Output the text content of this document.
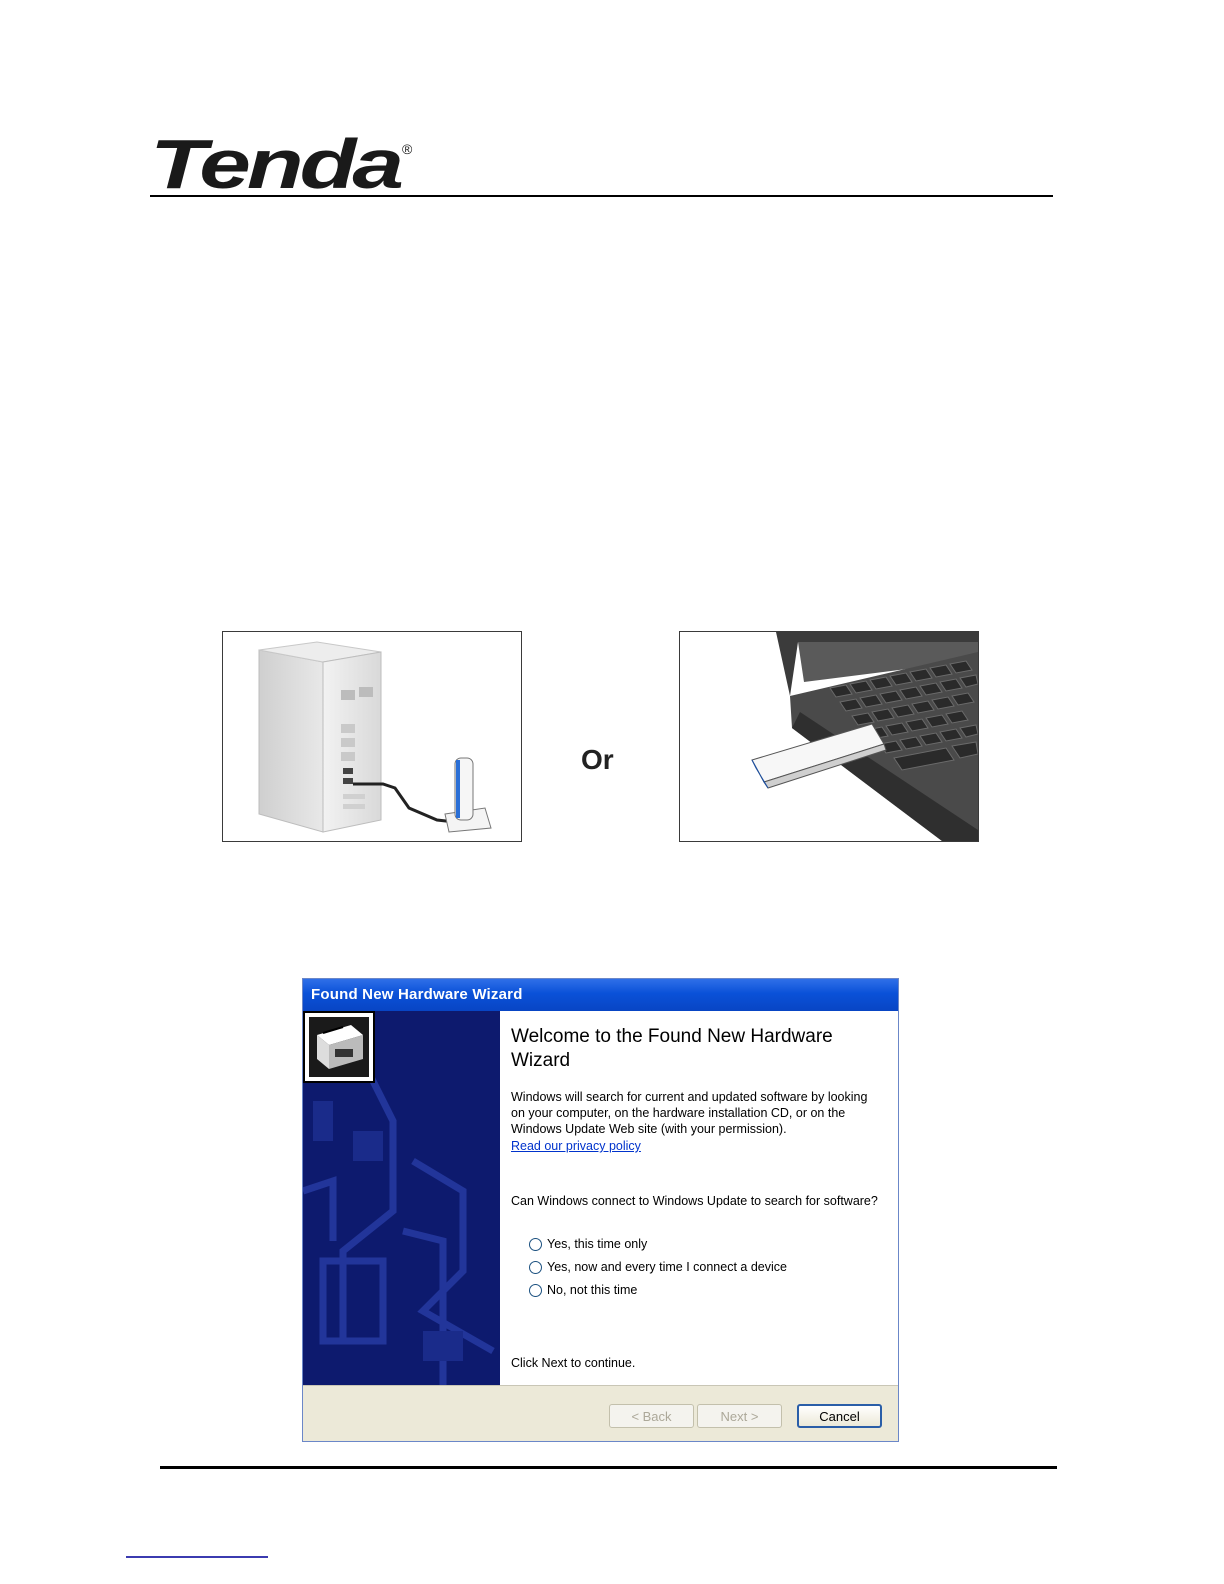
Tenda ®
Or
Found New Hardware Wizard
Welcome to the Found New Hardware Wizard
Windows will search for current and updated software by looking on your computer, on the hardware installation CD, or on the Windows Update Web site (with your permission).
Read our privacy policy
Can Windows connect to Windows Update to search for software?
Yes, this time only
Yes, now and every time I connect a device
No, not this time
Click Next to continue.
< Back	Next >	Cancel
